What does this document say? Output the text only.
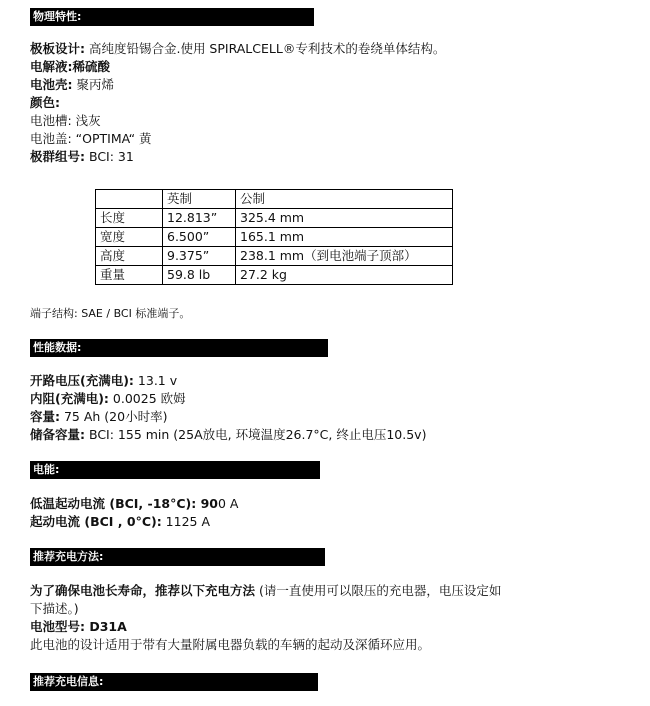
物理特性:
极板设计: 高纯度铅锡合金.使用 SPIRALCELL®专利技术的卷绕单体结构。
电解液:稀硫酸
电池壳: 聚丙烯
颜色:
电池槽: 浅灰
电池盖: “OPTIMA“ 黄
极群组号: BCI: 31
	英制	公制
长度	12.813”	325.4 mm
宽度	6.500”	165.1 mm
高度	9.375”	238.1 mm（到电池端子顶部）
重量	59.8 lb	27.2 kg
端子结构: SAE / BCI 标准端子。
性能数据:
开路电压(充满电): 13.1 v
内阻(充满电): 0.0025 欧姆
容量: 75 Ah (20小时率)
储备容量: BCI: 155 min (25A放电, 环境温度26.7°C, 终止电压10.5v)
电能:
低温起动电流 (BCI, -18°C): 900 A
起动电流 (BCI , 0°C): 1125 A
推荐充电方法:
为了确保电池长寿命，推荐以下充电方法 (请一直使用可以限压的充电器，电压设定如
下描述。)
电池型号: D31A
此电池的设计适用于带有大量附属电器负载的车辆的起动及深循环应用。
推荐充电信息:
